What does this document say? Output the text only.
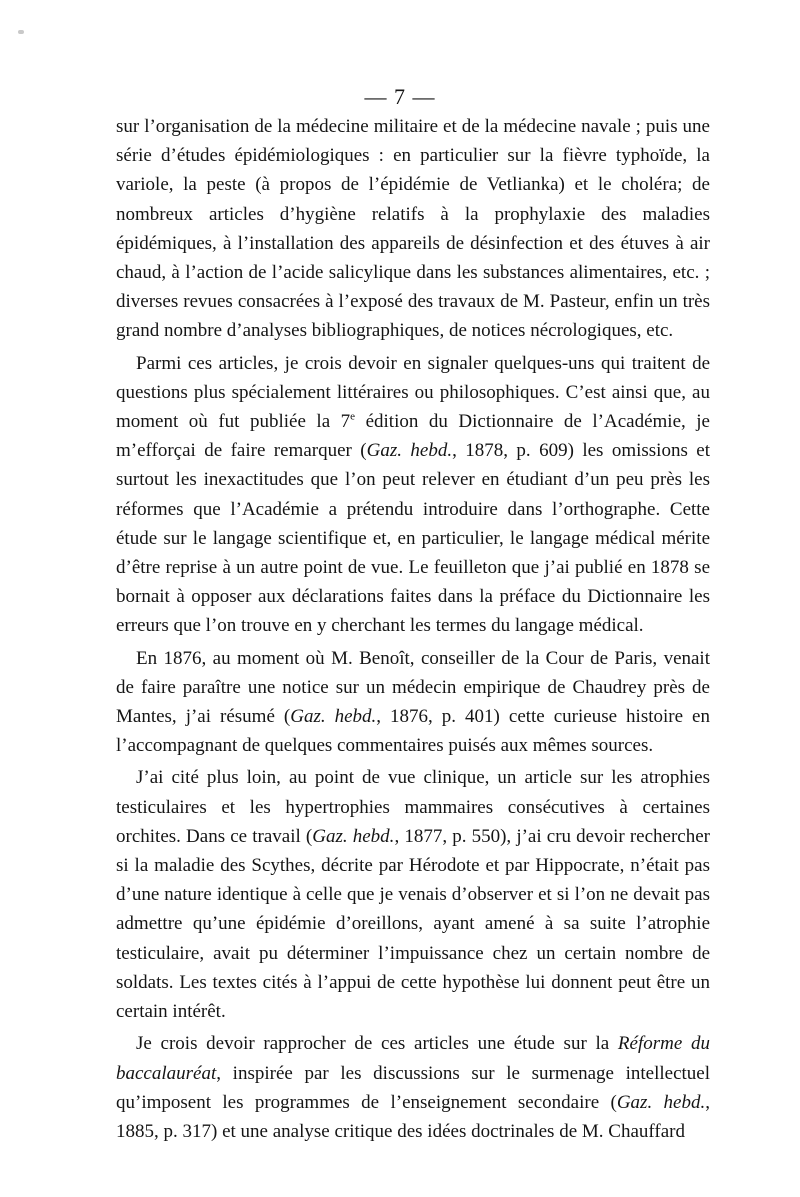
— 7 —

sur l’organisation de la médecine militaire et de la médecine navale ; puis une série d’études épidémiologiques : en particulier sur la fièvre typhoïde, la variole, la peste (à propos de l’épidémie de Vetlianka) et le choléra; de nombreux articles d’hygiène relatifs à la prophylaxie des maladies épidémiques, à l’installation des appareils de désinfection et des étuves à air chaud, à l’action de l’acide salicylique dans les substances alimentaires, etc. ; diverses revues consacrées à l’exposé des travaux de M. Pasteur, enfin un très grand nombre d’analyses bibliographiques, de notices nécrologiques, etc.

Parmi ces articles, je crois devoir en signaler quelques-uns qui traitent de questions plus spécialement littéraires ou philosophiques. C’est ainsi que, au moment où fut publiée la 7e édition du Dictionnaire de l’Académie, je m’efforçai de faire remarquer (Gaz. hebd., 1878, p. 609) les omissions et surtout les inexactitudes que l’on peut relever en étudiant d’un peu près les réformes que l’Académie a prétendu introduire dans l’orthographe. Cette étude sur le langage scientifique et, en particulier, le langage médical mérite d’être reprise à un autre point de vue. Le feuilleton que j’ai publié en 1878 se bornait à opposer aux déclarations faites dans la préface du Dictionnaire les erreurs que l’on trouve en y cherchant les termes du langage médical.

En 1876, au moment où M. Benoît, conseiller de la Cour de Paris, venait de faire paraître une notice sur un médecin empirique de Chaudrey près de Mantes, j’ai résumé (Gaz. hebd., 1876, p. 401) cette curieuse histoire en l’accompagnant de quelques commentaires puisés aux mêmes sources.

J’ai cité plus loin, au point de vue clinique, un article sur les atrophies testiculaires et les hypertrophies mammaires consécutives à certaines orchites. Dans ce travail (Gaz. hebd., 1877, p. 550), j’ai cru devoir rechercher si la maladie des Scythes, décrite par Hérodote et par Hippocrate, n’était pas d’une nature identique à celle que je venais d’observer et si l’on ne devait pas admettre qu’une épidémie d’oreillons, ayant amené à sa suite l’atrophie testiculaire, avait pu déterminer l’impuissance chez un certain nombre de soldats. Les textes cités à l’appui de cette hypothèse lui donnent peut être un certain intérêt.

Je crois devoir rapprocher de ces articles une étude sur la Réforme du baccalauréat, inspirée par les discussions sur le surmenage intellectuel qu’imposent les programmes de l’enseignement secondaire (Gaz. hebd., 1885, p. 317) et une analyse critique des idées doctrinales de M. Chauffard
